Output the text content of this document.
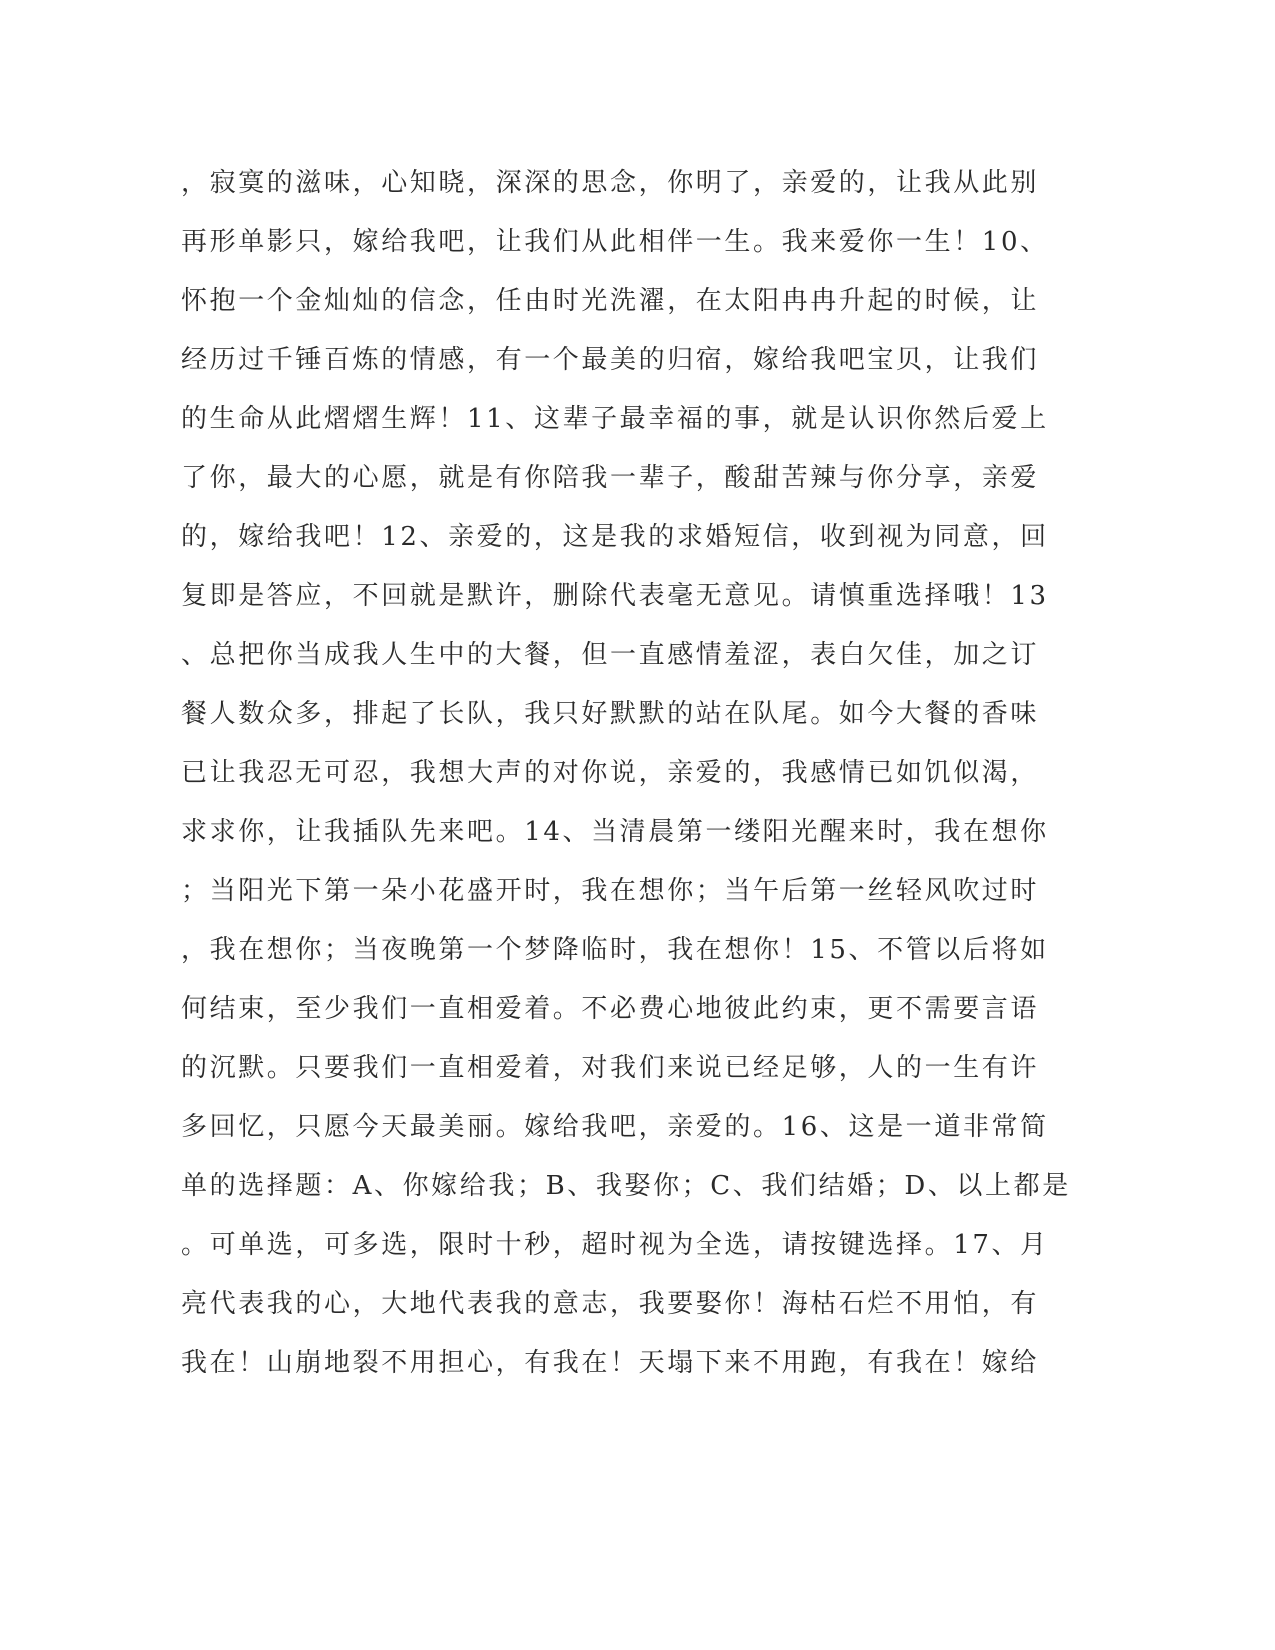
，寂寞的滋味，心知晓，深深的思念，你明了，亲爱的，让我从此别
再形单影只，嫁给我吧，让我们从此相伴一生。我来爱你一生！10、
怀抱一个金灿灿的信念，任由时光洗濯，在太阳冉冉升起的时候，让
经历过千锤百炼的情感，有一个最美的归宿，嫁给我吧宝贝，让我们
的生命从此熠熠生辉！11、这辈子最幸福的事，就是认识你然后爱上
了你，最大的心愿，就是有你陪我一辈子，酸甜苦辣与你分享，亲爱
的，嫁给我吧！12、亲爱的，这是我的求婚短信，收到视为同意，回
复即是答应，不回就是默许，删除代表毫无意见。请慎重选择哦！13
、总把你当成我人生中的大餐，但一直感情羞涩，表白欠佳，加之订
餐人数众多，排起了长队，我只好默默的站在队尾。如今大餐的香味
已让我忍无可忍，我想大声的对你说，亲爱的，我感情已如饥似渴，
求求你，让我插队先来吧。14、当清晨第一缕阳光醒来时，我在想你
；当阳光下第一朵小花盛开时，我在想你；当午后第一丝轻风吹过时
，我在想你；当夜晚第一个梦降临时，我在想你！15、不管以后将如
何结束，至少我们一直相爱着。不必费心地彼此约束，更不需要言语
的沉默。只要我们一直相爱着，对我们来说已经足够，人的一生有许
多回忆，只愿今天最美丽。嫁给我吧，亲爱的。16、这是一道非常简
单的选择题：A、你嫁给我；B、我娶你；C、我们结婚；D、以上都是
。可单选，可多选，限时十秒，超时视为全选，请按键选择。17、月
亮代表我的心，大地代表我的意志，我要娶你！海枯石烂不用怕，有
我在！山崩地裂不用担心，有我在！天塌下来不用跑，有我在！嫁给
